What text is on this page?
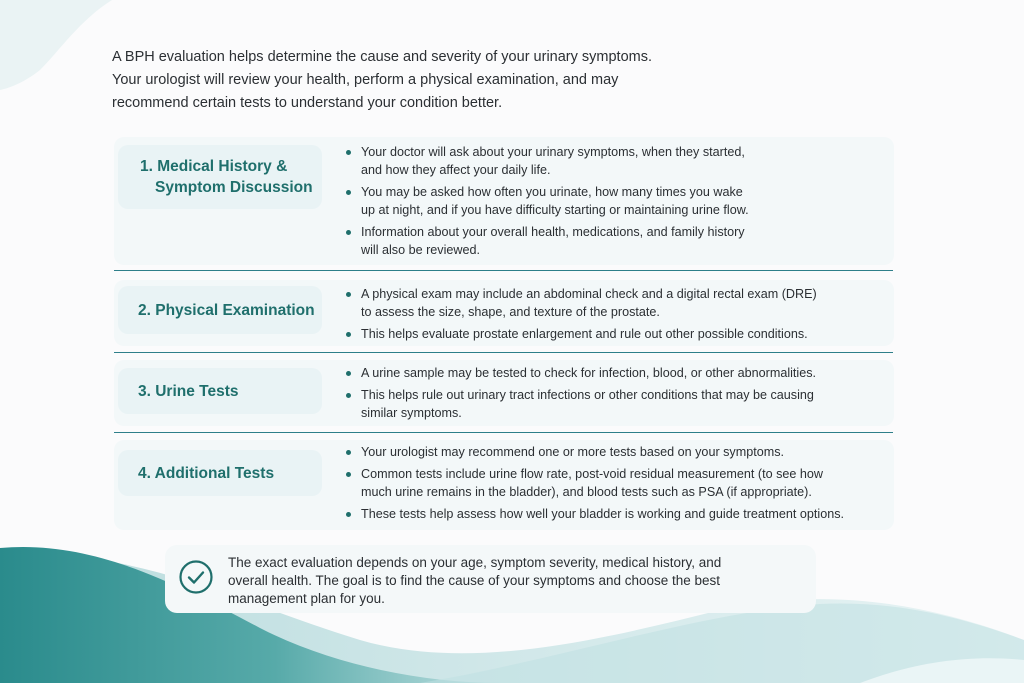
A BPH evaluation helps determine the cause and severity of your urinary symptoms.

Your urologist will review your health, perform a physical examination, and may

recommend certain tests to understand your condition better.

1. Medical History &
Symptom Discussion
Your doctor will ask about your urinary symptoms, when they started,
and how they affect your daily life.
You may be asked how often you urinate, how many times you wake
up at night, and if you have difficulty starting or maintaining urine flow.
Information about your overall health, medications, and family history
will also be reviewed.
2. Physical Examination
A physical exam may include an abdominal check and a digital rectal exam (DRE)
to assess the size, shape, and texture of the prostate.
This helps evaluate prostate enlargement and rule out other possible conditions.
3. Urine Tests
A urine sample may be tested to check for infection, blood, or other abnormalities.
This helps rule out urinary tract infections or other conditions that may be causing
similar symptoms.
4. Additional Tests
Your urologist may recommend one or more tests based on your symptoms.
Common tests include urine flow rate, post-void residual measurement (to see how
much urine remains in the bladder), and blood tests such as PSA (if appropriate).
These tests help assess how well your bladder is working and guide treatment options.
The exact evaluation depends on your age, symptom severity, medical history, and
overall health. The goal is to find the cause of your symptoms and choose the best
management plan for you.
